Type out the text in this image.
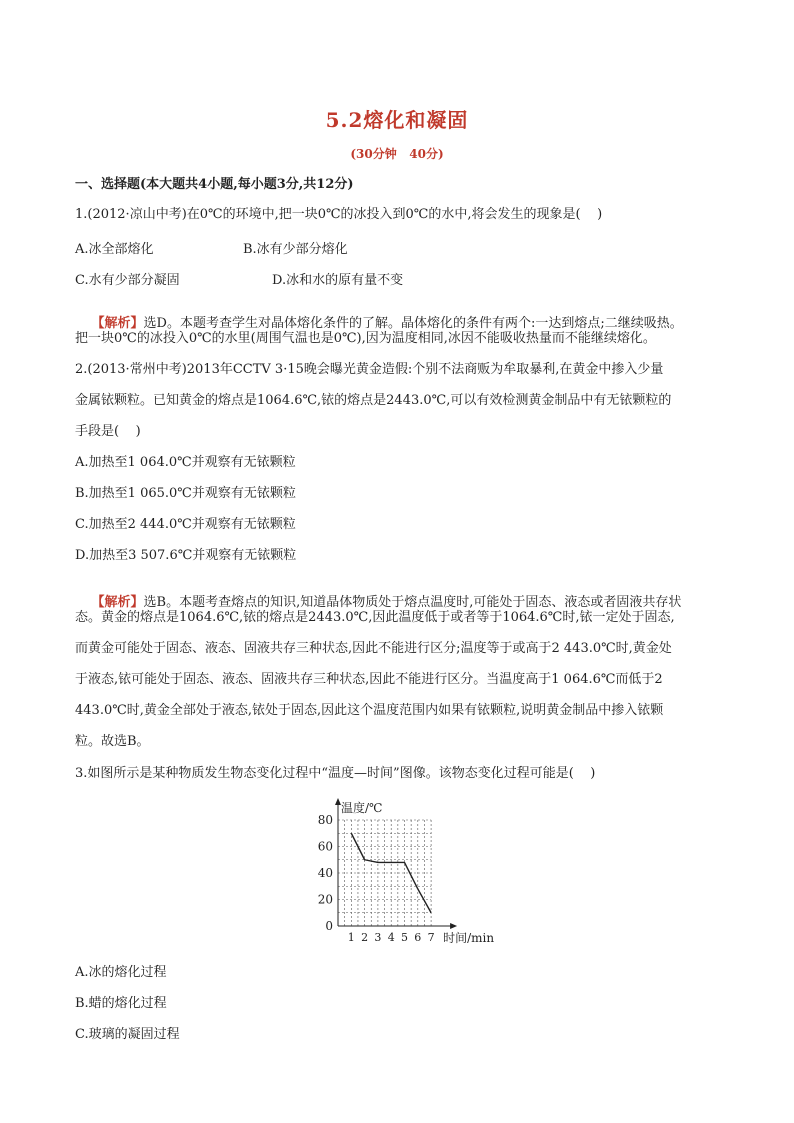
5.2熔化和凝固
(30分钟   40分)
一、选择题(本大题共4小题,每小题3分,共12分)
1.(2012·凉山中考)在0℃的环境中,把一块0℃的冰投入到0℃的水中,将会发生的现象是(    )
A.冰全部熔化	B.冰有少部分熔化
C.水有少部分凝固	D.冰和水的原有量不变

【解析】选D。本题考查学生对晶体熔化条件的了解。晶体熔化的条件有两个:一达到熔点;二继续吸热。

把一块0℃的冰投入0℃的水里(周围气温也是0℃),因为温度相同,冰因不能吸收热量而不能继续熔化。
2.(2013·常州中考)2013年CCTV 3·15晚会曝光黄金造假:个别不法商贩为牟取暴利,在黄金中掺入少量
金属铱颗粒。已知黄金的熔点是1064.6℃,铱的熔点是2443.0℃,可以有效检测黄金制品中有无铱颗粒的
手段是(    )
A.加热至1 064.0℃并观察有无铱颗粒
B.加热至1 065.0℃并观察有无铱颗粒
C.加热至2 444.0℃并观察有无铱颗粒
D.加热至3 507.6℃并观察有无铱颗粒

【解析】选B。本题考查熔点的知识,知道晶体物质处于熔点温度时,可能处于固态、液态或者固液共存状

态。黄金的熔点是1064.6℃,铱的熔点是2443.0℃,因此温度低于或者等于1064.6℃时,铱一定处于固态,
而黄金可能处于固态、液态、固液共存三种状态,因此不能进行区分;温度等于或高于2 443.0℃时,黄金处
于液态,铱可能处于固态、液态、固液共存三种状态,因此不能进行区分。当温度高于1 064.6℃而低于2
443.0℃时,黄金全部处于液态,铱处于固态,因此这个温度范围内如果有铱颗粒,说明黄金制品中掺入铱颗
粒。故选B。
3.如图所示是某种物质发生物态变化过程中“温度—时间”图像。该物态变化过程可能是(    )
0
20
40
60
80
1 2 3 4 5 6 7
温度/℃
时间/min
A.冰的熔化过程
B.蜡的熔化过程
C.玻璃的凝固过程
